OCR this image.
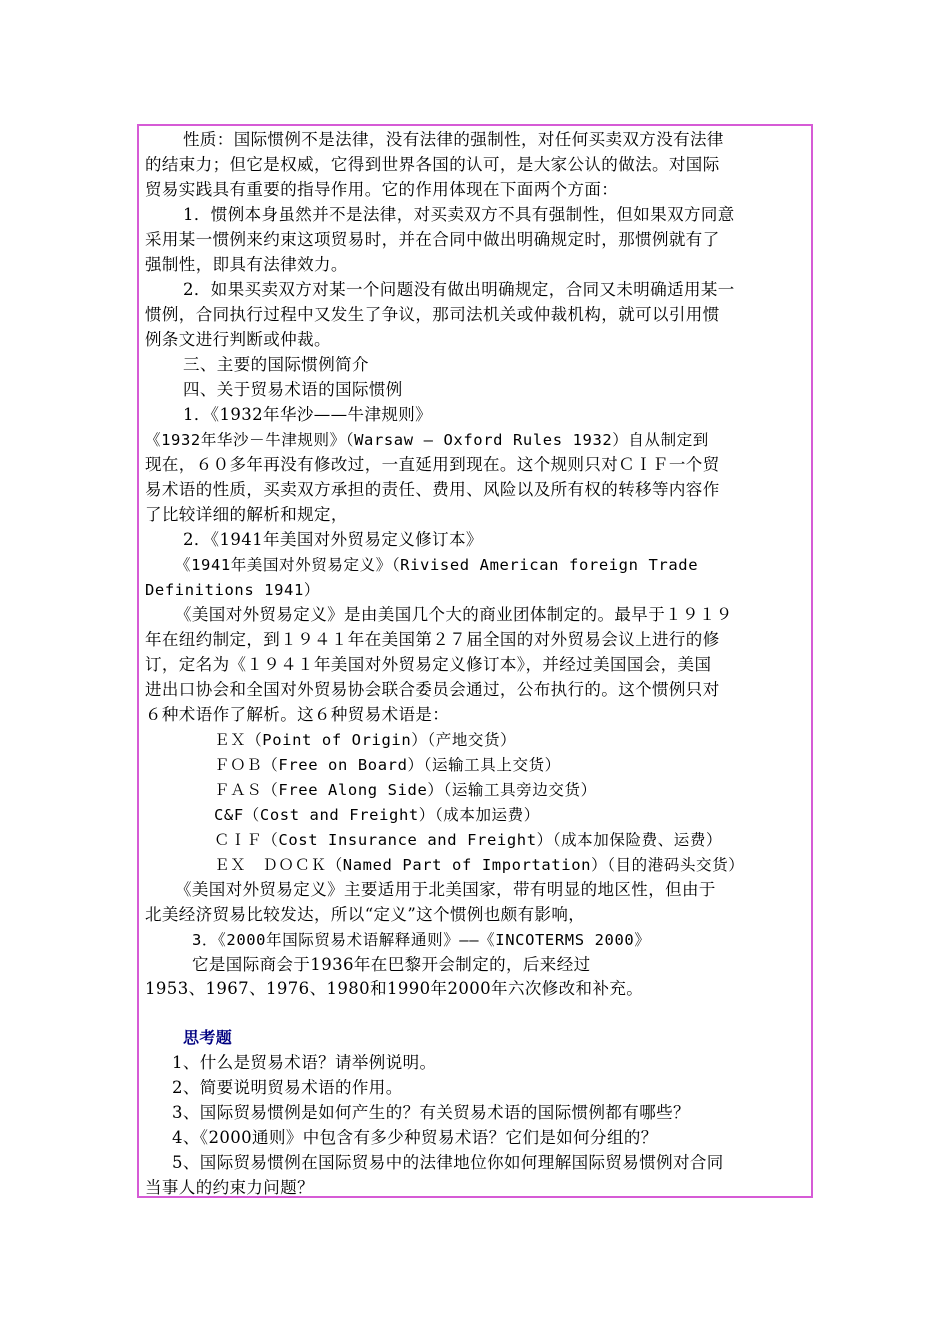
性质：国际惯例不是法律，没有法律的强制性，对任何买卖双方没有法律
的结束力；但它是权威，它得到世界各国的认可，是大家公认的做法。对国际
贸易实践具有重要的指导作用。它的作用体现在下面两个方面：
1．惯例本身虽然并不是法律，对买卖双方不具有强制性，但如果双方同意
采用某一惯例来约束这项贸易时，并在合同中做出明确规定时，那惯例就有了
强制性，即具有法律效力。
2．如果买卖双方对某一个问题没有做出明确规定，合同又未明确适用某一
惯例，合同执行过程中又发生了争议，那司法机关或仲裁机构，就可以引用惯
例条文进行判断或仲裁。
三、主要的国际惯例简介
四、关于贸易术语的国际惯例
1．《1932年华沙——牛津规则》
《1932年华沙－牛津规则》（Warsaw – Oxford Rules 1932）自从制定到
现在，６０多年再没有修改过，一直延用到现在。这个规则只对ＣＩＦ一个贸
易术语的性质，买卖双方承担的责任、费用、风险以及所有权的转移等内容作
了比较详细的解析和规定，
2．《1941年美国对外贸易定义修订本》
《1941年美国对外贸易定义》（Rivised American foreign Trade
Definitions 1941）
《美国对外贸易定义》是由美国几个大的商业团体制定的。最早于１９１９
年在纽约制定，到１９４１年在美国第２７届全国的对外贸易会议上进行的修
订，定名为《１９４１年美国对外贸易定义修订本》，并经过美国国会，美国
进出口协会和全国对外贸易协会联合委员会通过，公布执行的。这个惯例只对
６种术语作了解析。这６种贸易术语是：
ＥＸ（Point of Origin）（产地交货）
ＦＯＢ（Free on Board）（运输工具上交货）
ＦＡＳ（Free Along Side）（运输工具旁边交货）
C&F（Cost and Freight）（成本加运费）
ＣＩＦ（Cost Insurance and Freight）（成本加保险费、运费）
ＥＸ　ＤＯＣＫ（Named Part of Importation）（目的港码头交货）
《美国对外贸易定义》主要适用于北美国家，带有明显的地区性，但由于
北美经济贸易比较发达，所以“定义”这个惯例也颇有影响，
3．《2000年国际贸易术语解释通则》——《INCOTERMS 2000》
它是国际商会于1936年在巴黎开会制定的，后来经过
1953、1967、1976、1980和1990年2000年六次修改和补充。
思考题
1、什么是贸易术语？请举例说明。
2、简要说明贸易术语的作用。
3、国际贸易惯例是如何产生的？有关贸易术语的国际惯例都有哪些？
4、《2000通则》中包含有多少种贸易术语？它们是如何分组的？
5、国际贸易惯例在国际贸易中的法律地位你如何理解国际贸易惯例对合同
当事人的约束力问题？
